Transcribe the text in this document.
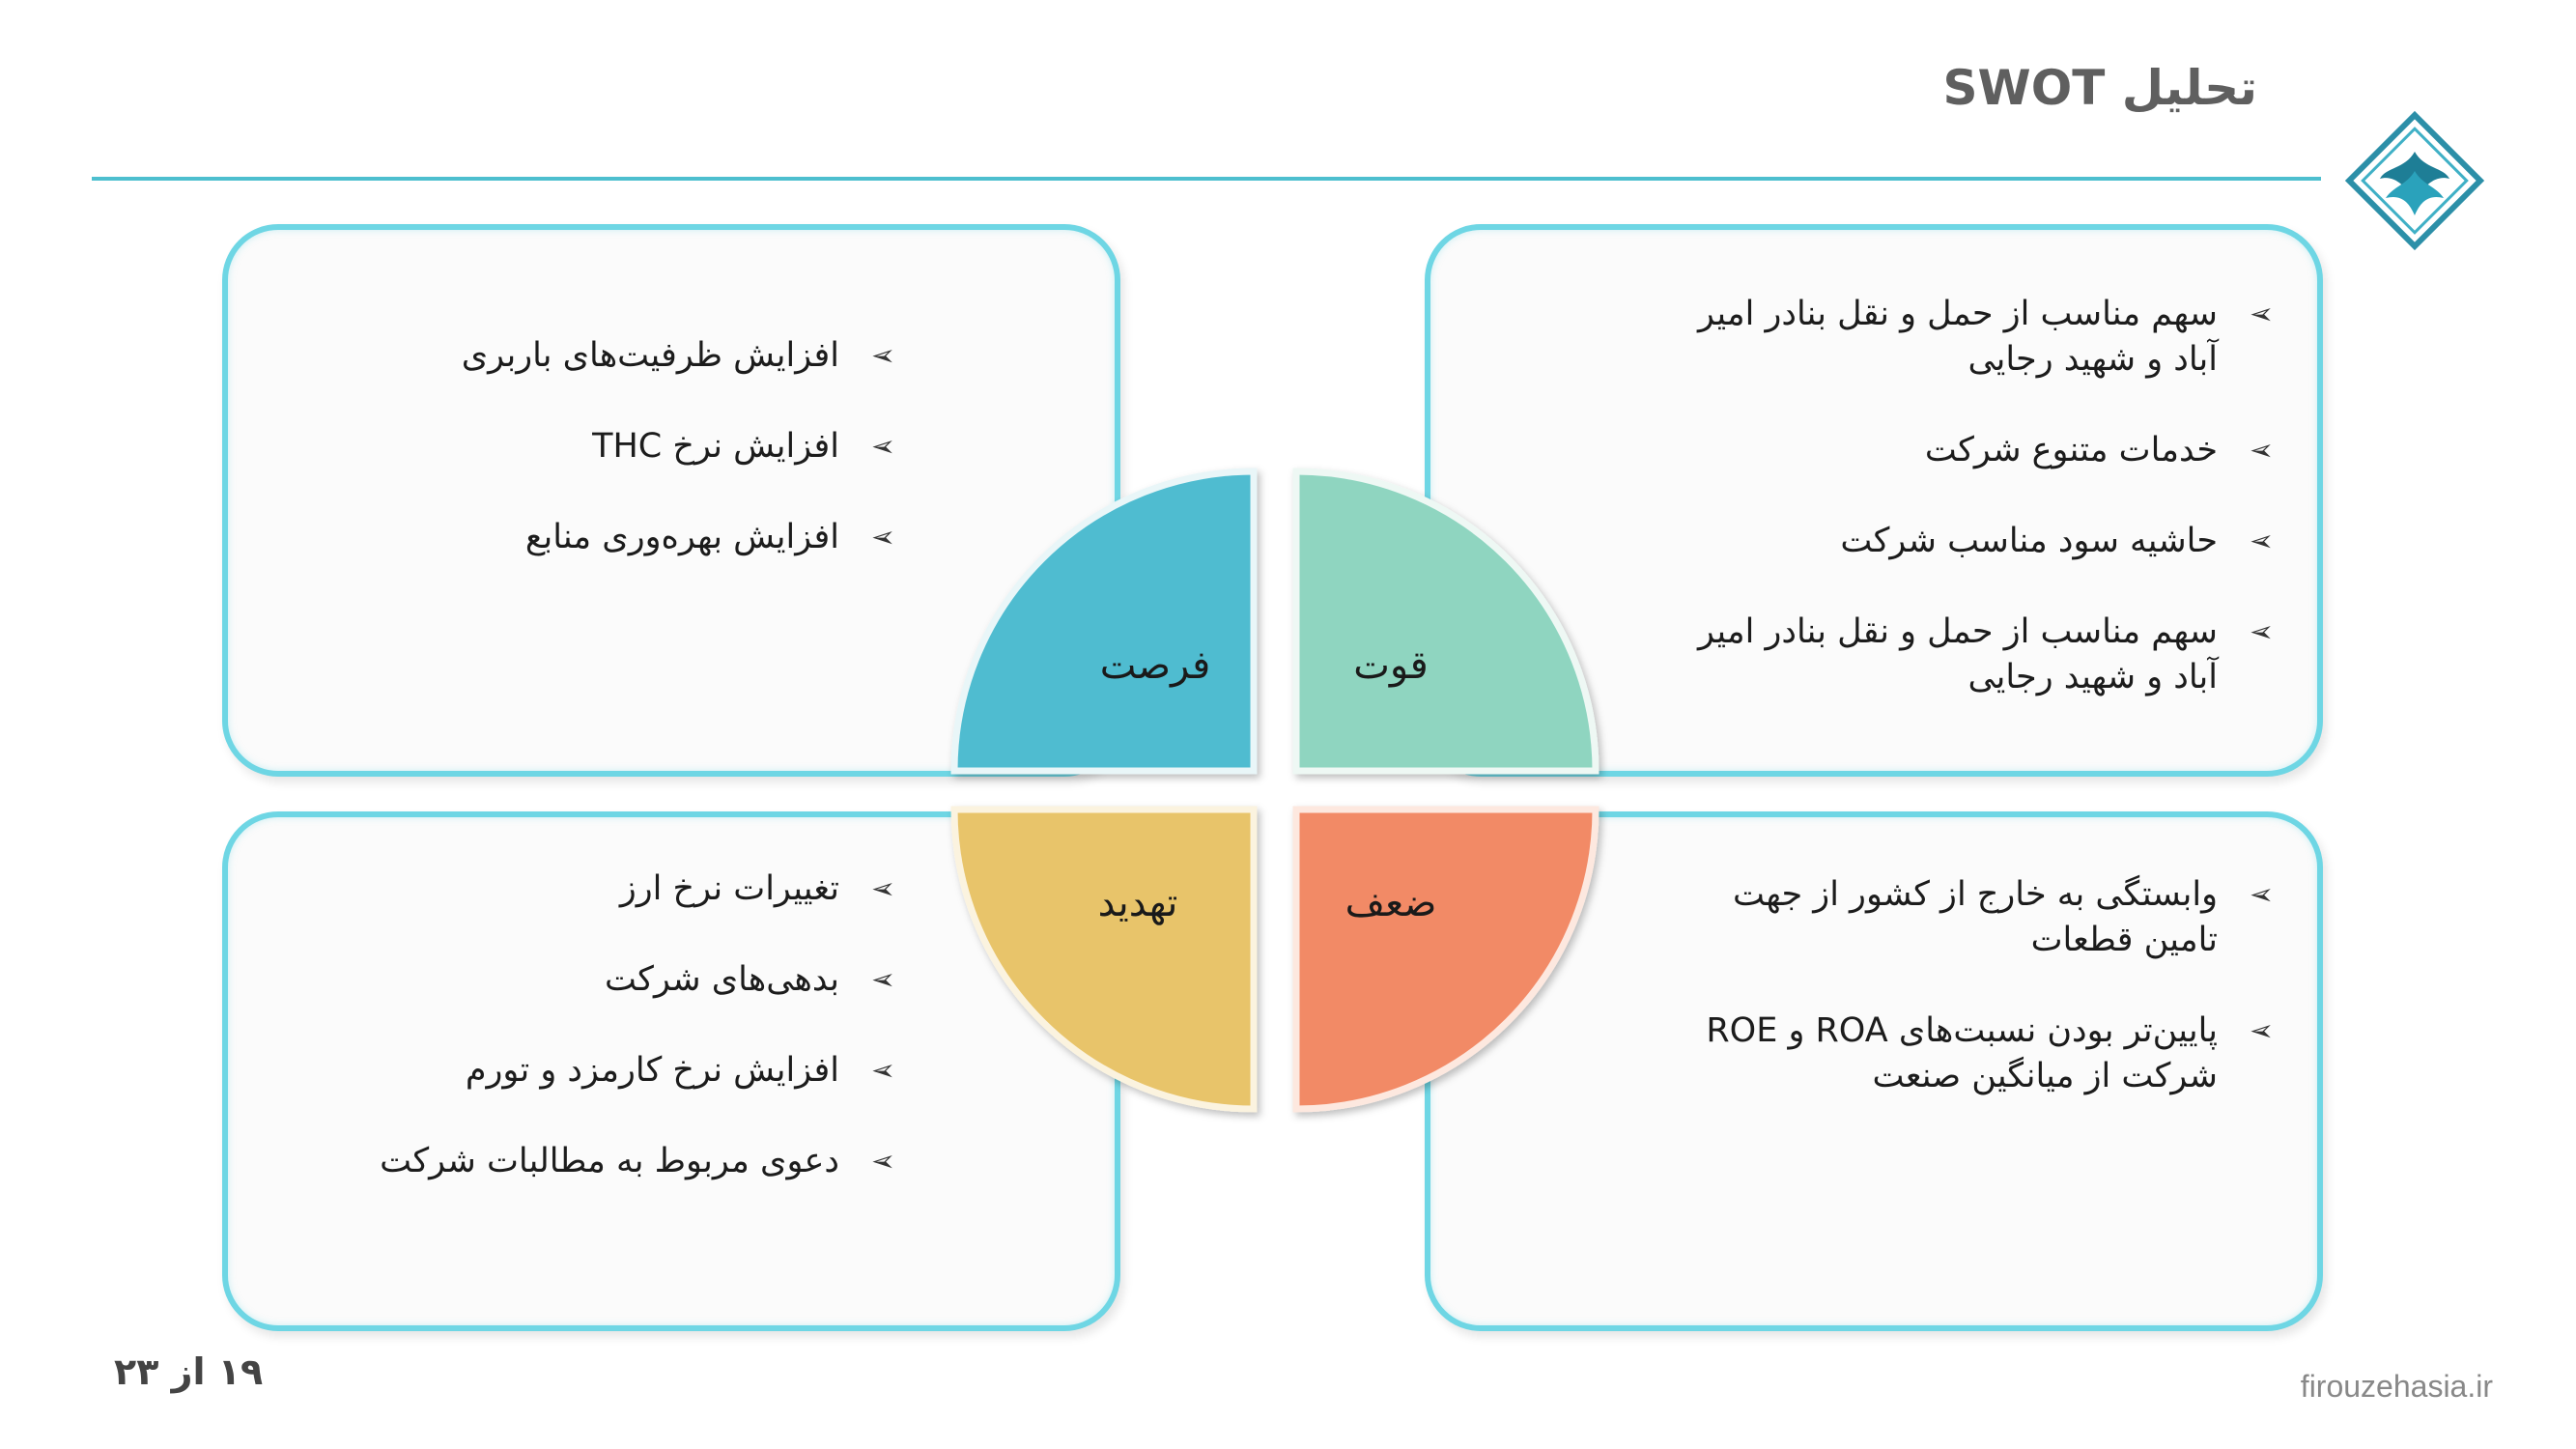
تحلیل SWOT
➢
افزایش ظرفیت‌های باربری
➢
افزایش نرخ THC
➢
افزایش بهره‌وری منابع
➢
سهم مناسب از حمل و نقل بنادر امیر آباد و شهید رجایی
➢
خدمات متنوع شرکت
➢
حاشیه سود مناسب شرکت
➢
سهم مناسب از حمل و نقل بنادر امیر آباد و شهید رجایی
➢
تغییرات نرخ ارز
➢
بدهی‌های شرکت
➢
افزایش نرخ کارمزد و تورم
➢
دعوی مربوط به مطالبات شرکت
➢
وابستگی به خارج از کشور از جهت تامین قطعات
➢
پایین‌تر بودن نسبت‌های ROA و ROE شرکت از میانگین صنعت
فرصت	قوت
تهدید	ضعف
۱۹ از ۲۳	firouzehasia.ir
